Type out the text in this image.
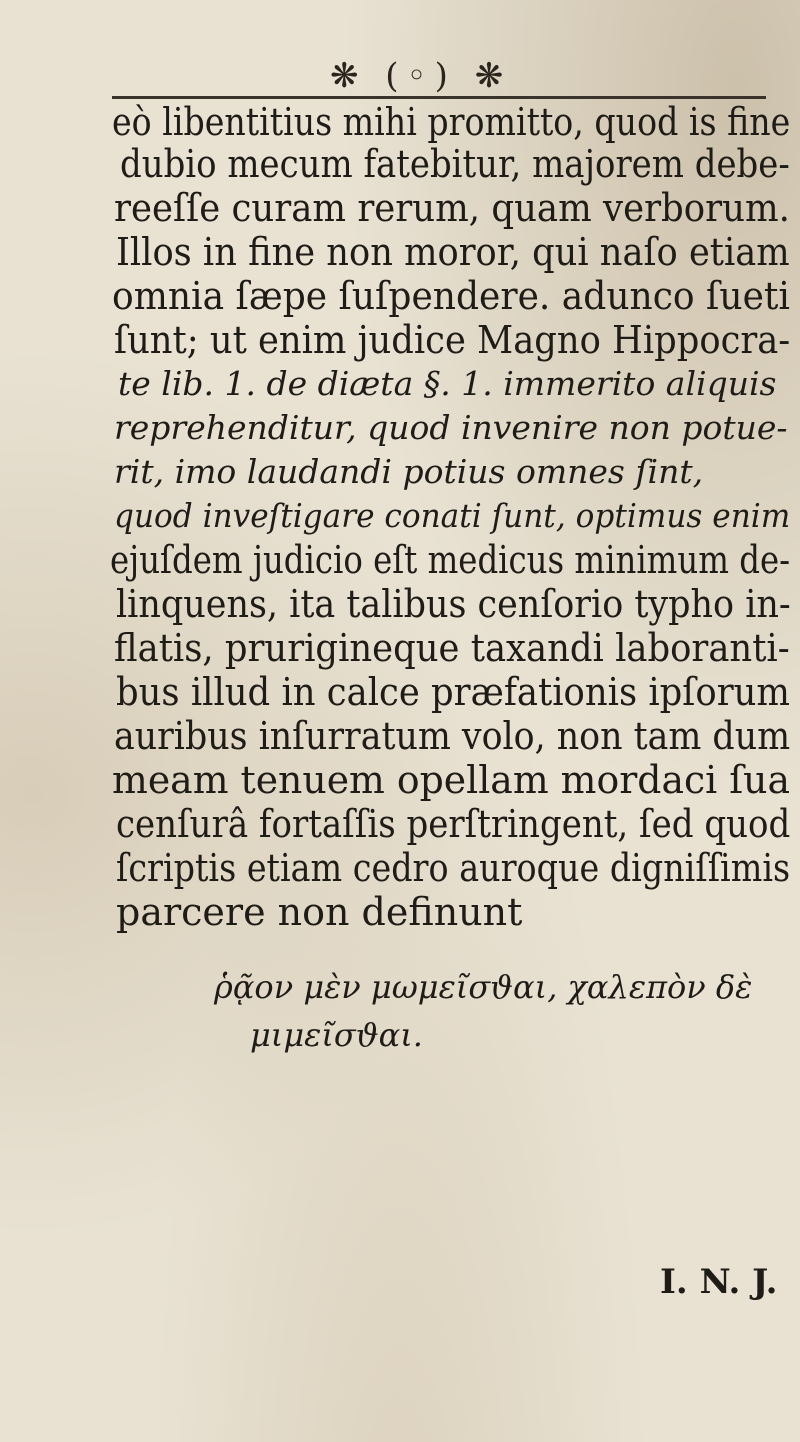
❋ (◦) ❋
eò libentitius mihi promitto, quod is fine
dubio mecum fatebitur, majorem debe-
reeſſe curam rerum, quam verborum.
Illos in fine non moror, qui naſo etiam
omnia ſæpe ſuſpendere. adunco ſueti
ſunt; ut enim judice Magno Hippocra-
te lib. 1. de diæta §. 1. immerito aliquis
reprehenditur, quod invenire non potue-
rit, imo laudandi potius omnes ſint,
quod inveſtigare conati ſunt, optimus enim
ejuſdem judicio eſt medicus minimum de-
linquens, ita talibus cenſorio typho in-
flatis, prurigineque taxandi laboranti-
bus illud in calce præfationis ipſorum
auribus inſurratum volo, non tam dum
meam tenuem opellam mordaci ſua
cenſurâ fortaſſis perſtringent, ſed quod
ſcriptis etiam cedro auroque digniſſimis
parcere non definunt
ῥᾷον μὲν μωμεῖσϑαι, χαλεπὸν δὲ
μιμεῖσϑαι.
I. N. J.
